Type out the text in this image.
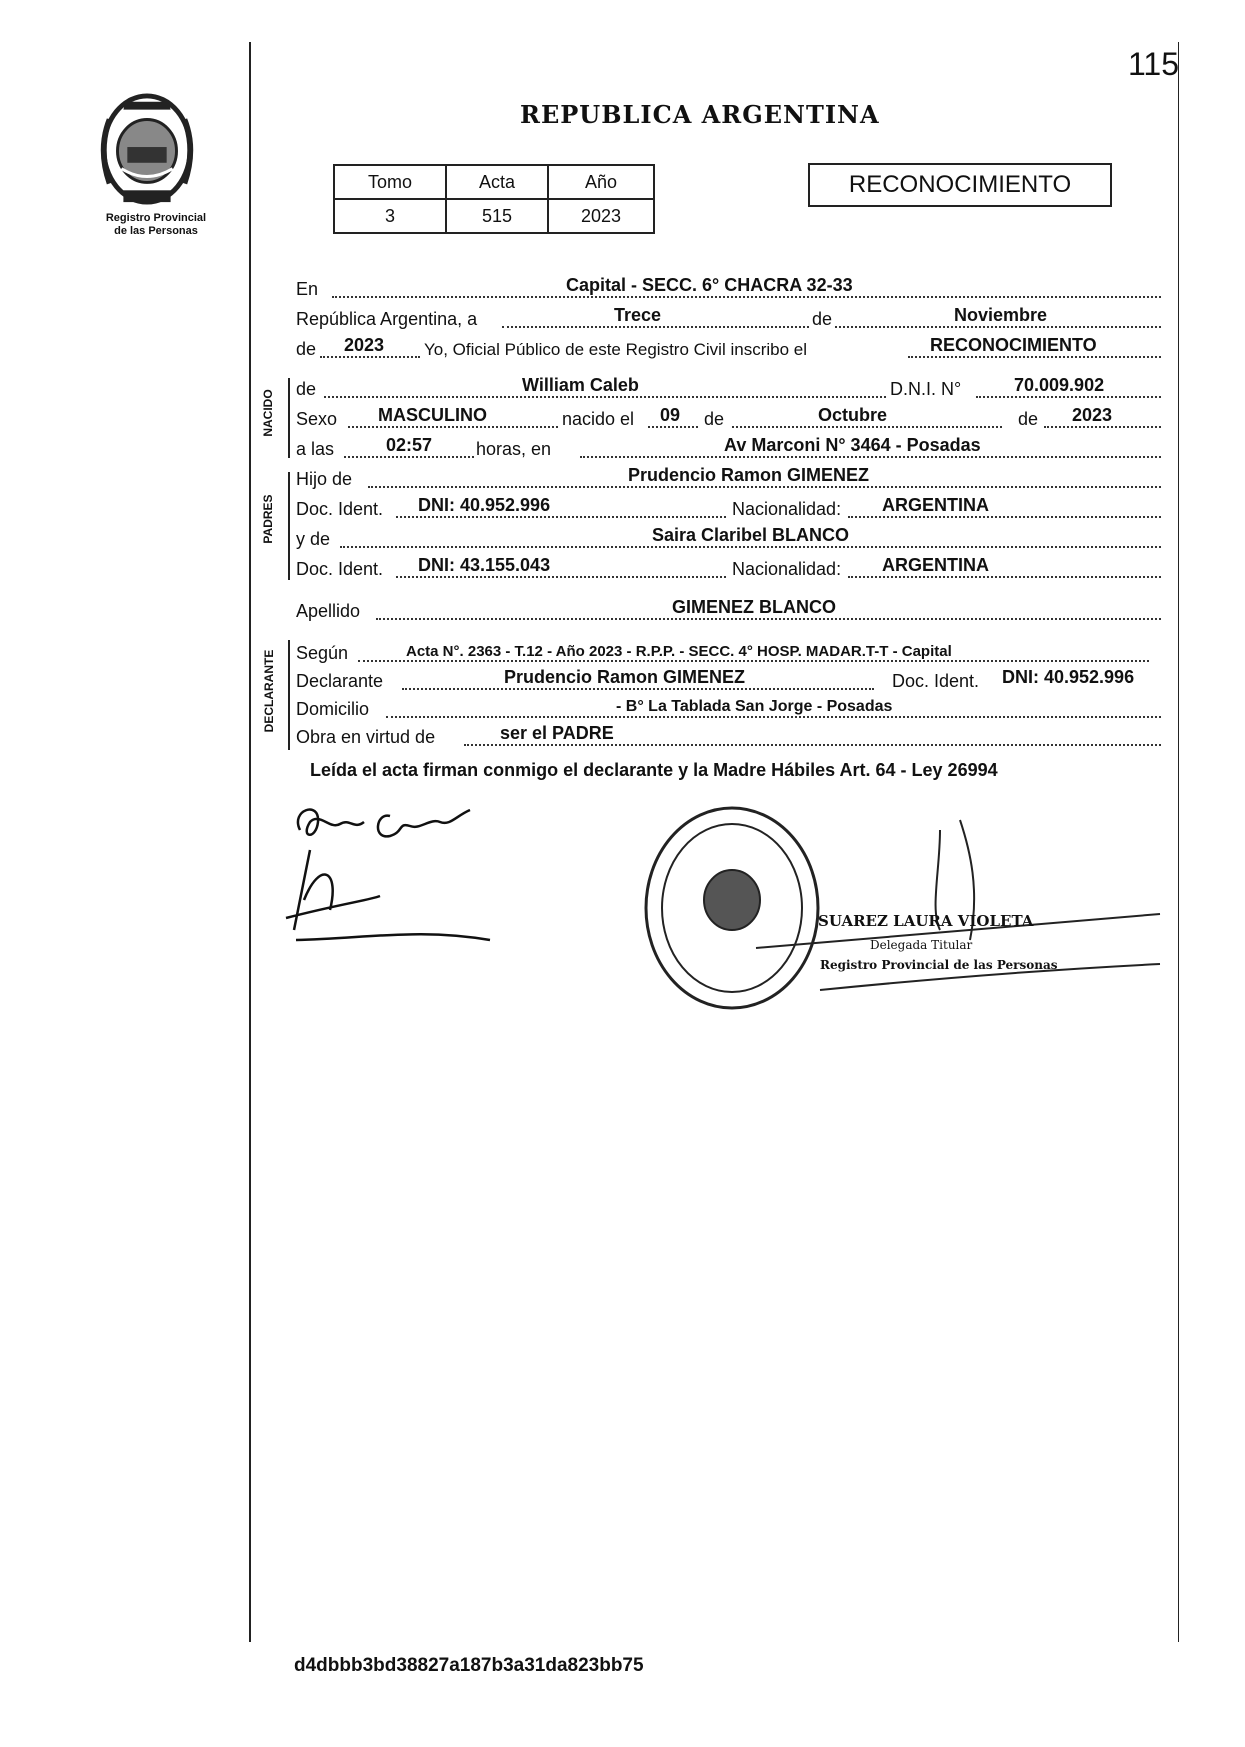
115
REPUBLICA ARGENTINA
Registro Provincial
de las Personas
Tomo	Acta	Año
3	515	2023
RECONOCIMIENTO
En	Capital - SECC. 6° CHACRA 32-33
República Argentina, a	Trece	de	Noviembre
de 2023 Yo, Oficial Público de este Registro Civil inscribo el	RECONOCIMIENTO
NACIDO
de	William Caleb	D.N.I. N°	70.009.902
Sexo MASCULINO	nacido el 09 de	Octubre	de 2023
a las	02:57 horas, en	Av Marconi N° 3464 - Posadas
PADRES
Hijo de	Prudencio Ramon GIMENEZ
Doc. Ident. DNI: 40.952.996	Nacionalidad: ARGENTINA
y de	Saira Claribel BLANCO
Doc. Ident. DNI: 43.155.043	Nacionalidad: ARGENTINA
Apellido	GIMENEZ BLANCO
DECLARANTE Según	Acta N°. 2363 - T.12 - Año 2023 - R.P.P. - SECC. 4° HOSP. MADAR.T-T - Capital
Declarante	Prudencio Ramon GIMENEZ	Doc. Ident. DNI: 40.952.996
Domicilio	- B° La Tablada San Jorge - Posadas
Obra en virtud de	ser el PADRE
Leída el acta firman conmigo el declarante y la Madre Hábiles Art. 64 - Ley 26994
SUAREZ LAURA VIOLETA
Delegada Titular
Registro Provincial de las Personas
d4dbbb3bd38827a187b3a31da823bb75
